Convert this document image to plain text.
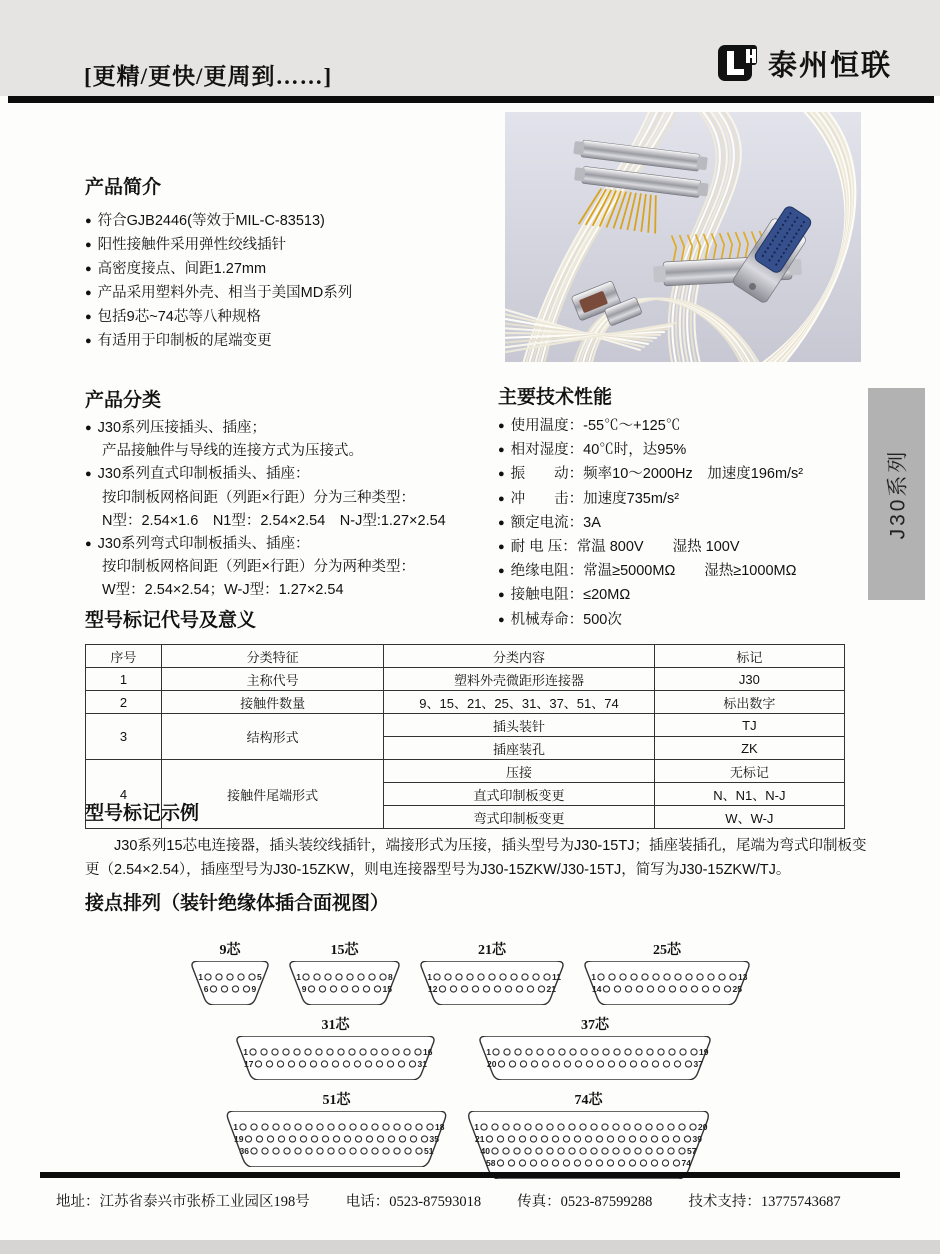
[更精/更快/更周到……]	泰州恒联
产品简介
● 符合GJB2446(等效于MIL-C-83513)
● 阳性接触件采用弹性绞线插针
● 高密度接点、间距1.27mm
● 产品采用塑料外壳、相当于美国MD系列
● 包括9芯~74芯等八种规格
● 有适用于印制板的尾端变更
产品分类

● J30系列压接插头、插座；

产品接触件与导线的连接方式为压接式。

● J30系列直式印制板插头、插座：

按印制板网格间距（列距×行距）分为三种类型：

N型：2.54×1.6　N1型：2.54×2.54　N-J型:1.27×2.54

● J30系列弯式印制板插头、插座：

按印制板网格间距（列距×行距）分为两种类型：

W型：2.54×2.54；W-J型：1.27×2.54

主要技术性能
● 使用温度：-55℃～+125℃
● 相对湿度：40℃时，达95%
● 振　　动：频率10～2000Hz　加速度196m/s²
● 冲　　击：加速度735m/s²
● 额定电流：3A
● 耐 电 压：常温 800V　　湿热 100V
● 绝缘电阻：常温≥5000MΩ　　湿热≥1000MΩ
● 接触电阻：≤20MΩ
● 机械寿命：500次
J30系列
型号标记代号及意义
序号	分类特征	分类内容	标记
1	主称代号	塑料外壳微距形连接器	J30
2	接触件数量	9、15、21、25、31、37、51、74	标出数字
3	结构形式	插头装针	TJ
		插座装孔	ZK
4	接触件尾端形式	压接	无标记
		直式印制板变更	N、N1、N-J
		弯式印制板变更	W、W-J
型号标记示例

J30系列15芯电连接器，插头装绞线插针，端接形式为压接，插头型号为J30-15TJ；插座装插孔，尾端为弯式印制板变更（2.54×2.54），插座型号为J30-15ZKW，则电连接器型号为J30-15ZKW/J30-15TJ，简写为J30-15ZKW/TJ。

接点排列（装针绝缘体插合面视图）
9芯
1	5
6	9
15芯
1	8
9	15
21芯
1	11
12	21
25芯
1	13
14	25
31芯
1	16
17	31
37芯
1	19
20	37
51芯
1	18
19	35
36	51
74芯
1	20
21	39
40	57
58	74
地址：江苏省泰兴市张桥工业园区198号 电话：0523-87593018 传真：0523-87599288 技术支持：13775743687
